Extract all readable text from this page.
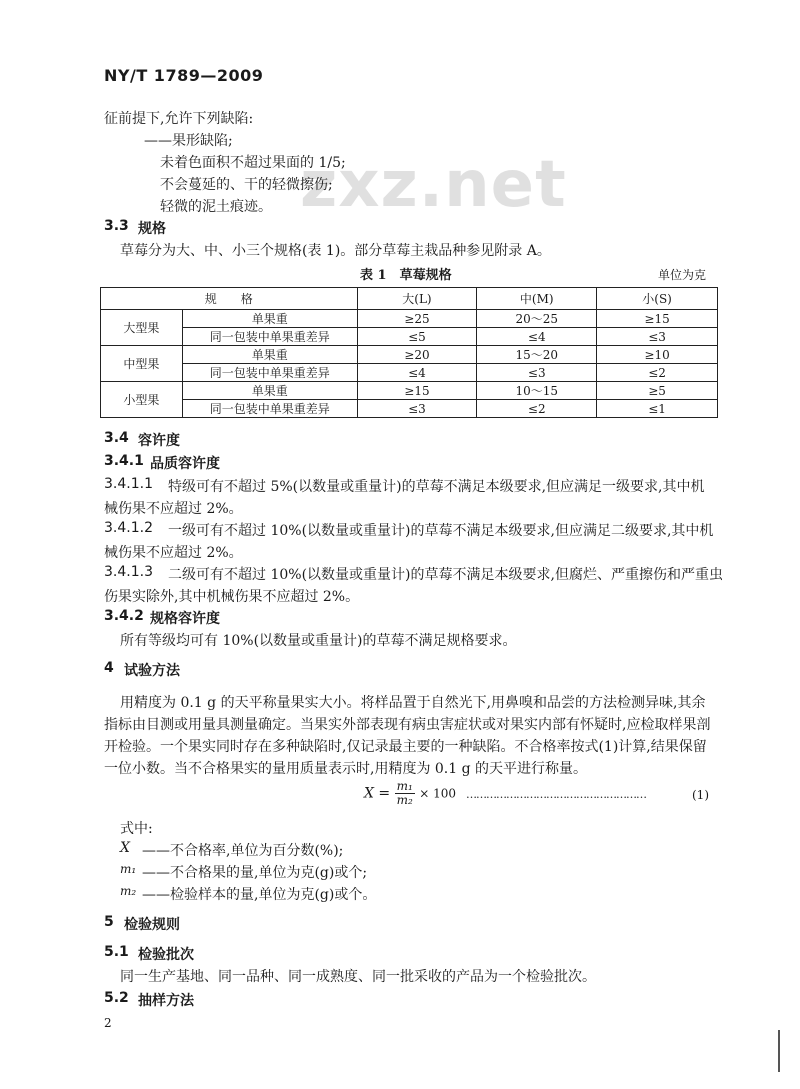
NY/T 1789—2009
zxz.net
征前提下,允许下列缺陷:
——果形缺陷;
未着色面积不超过果面的 1/5;
不会蔓延的、干的轻微擦伤;
轻微的泥土痕迹。
3.3 规格
草莓分为大、中、小三个规格(表 1)。部分草莓主栽品种参见附录 A。
表 1　草莓规格	单位为克
规　　格		大(L)	中(M)	小(S)
大型果	单果重	≥25	20～25	≥15
	同一包装中单果重差异	≤5	≤4	≤3
中型果	单果重	≥20	15～20	≥10
	同一包装中单果重差异	≤4	≤3	≤2
小型果	单果重	≥15	10～15	≥5
	同一包装中单果重差异	≤3	≤2	≤1
3.4 容许度
3.4.1 品质容许度
3.4.1.1 特级可有不超过 5%(以数量或重量计)的草莓不满足本级要求,但应满足一级要求,其中机
械伤果不应超过 2%。
3.4.1.2 一级可有不超过 10%(以数量或重量计)的草莓不满足本级要求,但应满足二级要求,其中机
械伤果不应超过 2%。
3.4.1.3 二级可有不超过 10%(以数量或重量计)的草莓不满足本级要求,但腐烂、严重擦伤和严重虫
伤果实除外,其中机械伤果不应超过 2%。
3.4.2 规格容许度
所有等级均可有 10%(以数量或重量计)的草莓不满足规格要求。
4 试验方法
用精度为 0.1 g 的天平称量果实大小。将样品置于自然光下,用鼻嗅和品尝的方法检测异味,其余
指标由目测或用量具测量确定。当果实外部表现有病虫害症状或对果实内部有怀疑时,应检取样果剖
开检验。一个果实同时存在多种缺陷时,仅记录最主要的一种缺陷。不合格率按式(1)计算,结果保留
一位小数。当不合格果实的量用质量表示时,用精度为 0.1 g 的天平进行称量。
$X = \frac{\text{m₁}}{\text{m₂}} \times 100$ ………………………………………………	(1)
式中:
X ——不合格率,单位为百分数(%);
m₁ ——不合格果的量,单位为克(g)或个;
m₂ ——检验样本的量,单位为克(g)或个。
5 检验规则
5.1 检验批次
同一生产基地、同一品种、同一成熟度、同一批采收的产品为一个检验批次。
5.2 抽样方法
2
